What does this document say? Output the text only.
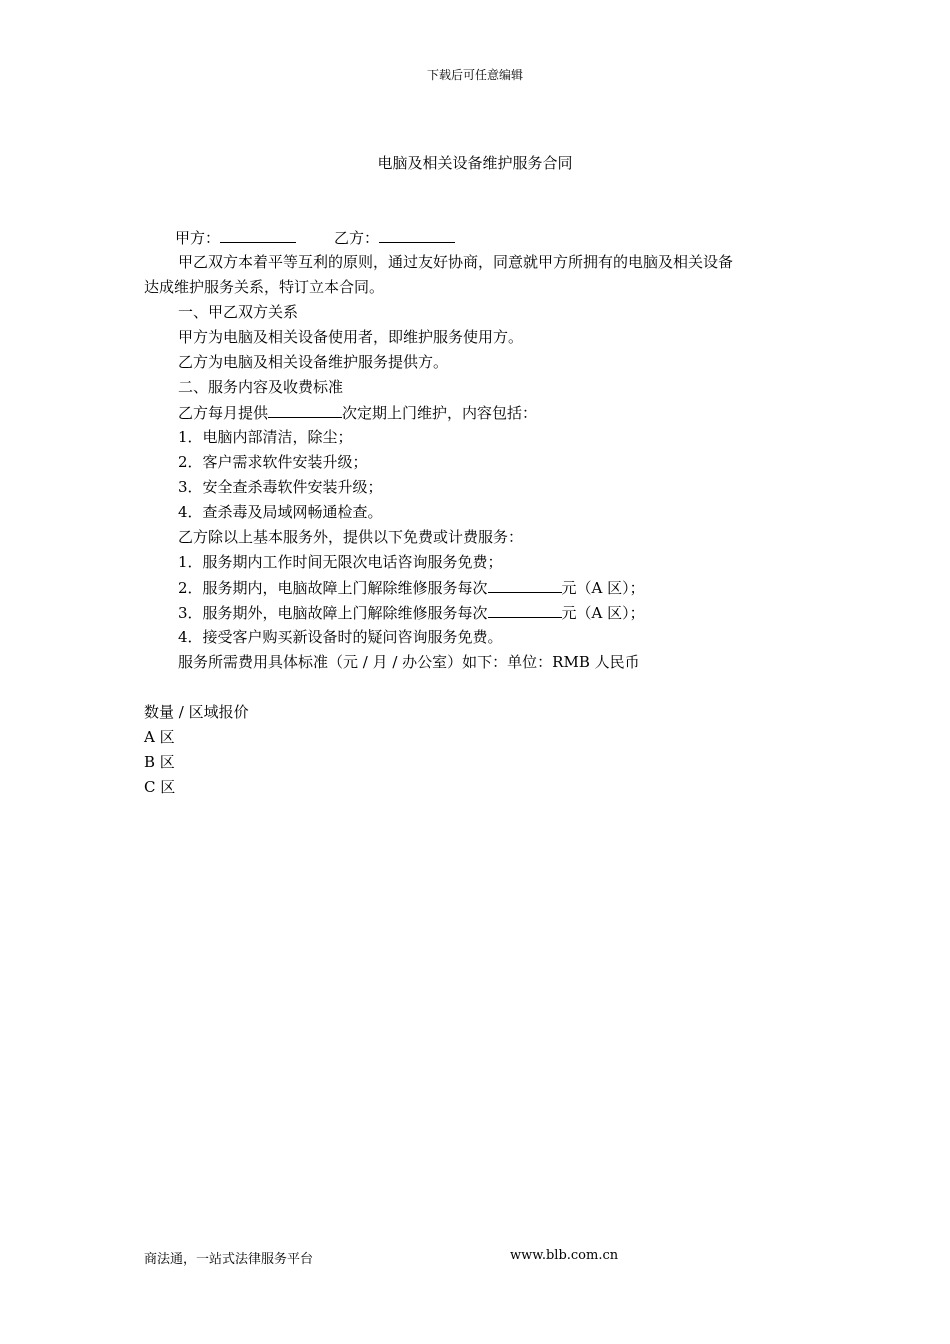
下载后可任意编辑
电脑及相关设备维护服务合同
甲方：	乙方：
甲乙双方本着平等互利的原则，通过友好协商，同意就甲方所拥有的电脑及相关设备
达成维护服务关系，特订立本合同。
一、甲乙双方关系
甲方为电脑及相关设备使用者，即维护服务使用方。
乙方为电脑及相关设备维护服务提供方。
二、服务内容及收费标准
乙方每月提供	次定期上门维护，内容包括：
1．电脑内部清洁，除尘；
2．客户需求软件安装升级；
3．安全查杀毒软件安装升级；
4．查杀毒及局域网畅通检查。
乙方除以上基本服务外，提供以下免费或计费服务：
1．服务期内工作时间无限次电话咨询服务免费；
2．服务期内，电脑故障上门解除维修服务每次	元（A 区）；
3．服务期外，电脑故障上门解除维修服务每次	元（A 区）；
4．接受客户购买新设备时的疑问咨询服务免费。
服务所需费用具体标准（元 / 月 / 办公室）如下：单位：RMB 人民币
数量 / 区域报价
A 区
B 区
C 区
商法通，一站式法律服务平台	www.blb.com.cn
